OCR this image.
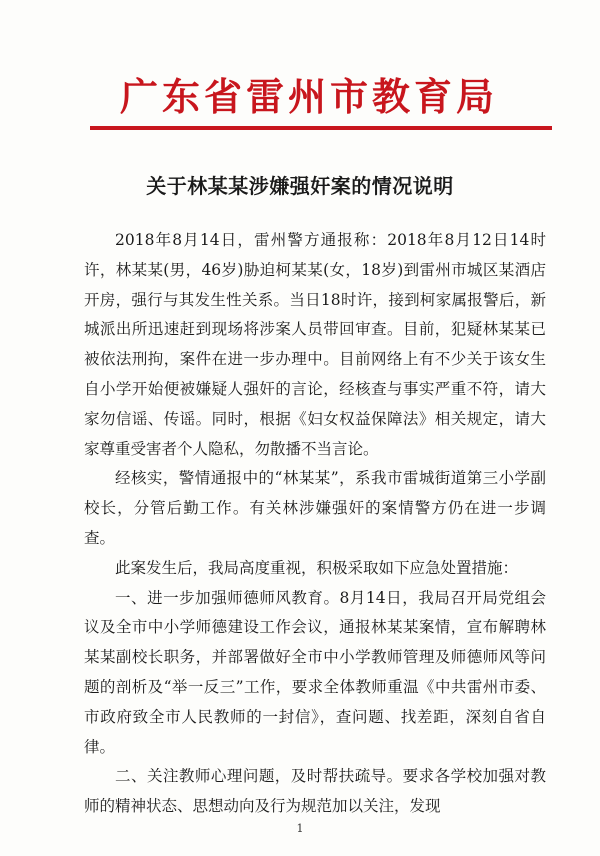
广东省雷州市教育局
关于林某某涉嫌强奸案的情况说明

2018年8月14日，雷州警方通报称：2018年8月12日14时许，林某某(男，46岁)胁迫柯某某(女，18岁)到雷州市城区某酒店开房，强行与其发生性关系。当日18时许，接到柯家属报警后，新城派出所迅速赶到现场将涉案人员带回审查。目前，犯疑林某某已被依法刑拘，案件在进一步办理中。目前网络上有不少关于该女生自小学开始便被嫌疑人强奸的言论，经核查与事实严重不符，请大家勿信谣、传谣。同时，根据《妇女权益保障法》相关规定，请大家尊重受害者个人隐私，勿散播不当言论。

经核实，警情通报中的“林某某”，系我市雷城街道第三小学副校长，分管后勤工作。有关林涉嫌强奸的案情警方仍在进一步调查。

此案发生后，我局高度重视，积极采取如下应急处置措施：

一、进一步加强师德师风教育。8月14日，我局召开局党组会议及全市中小学师德建设工作会议，通报林某某案情，宣布解聘林某某副校长职务，并部署做好全市中小学教师管理及师德师风等问题的剖析及“举一反三”工作，要求全体教师重温《中共雷州市委、市政府致全市人民教师的一封信》，查问题、找差距，深刻自省自律。

二、关注教师心理问题，及时帮扶疏导。要求各学校加强对教师的精神状态、思想动向及行为规范加以关注，发现

1
